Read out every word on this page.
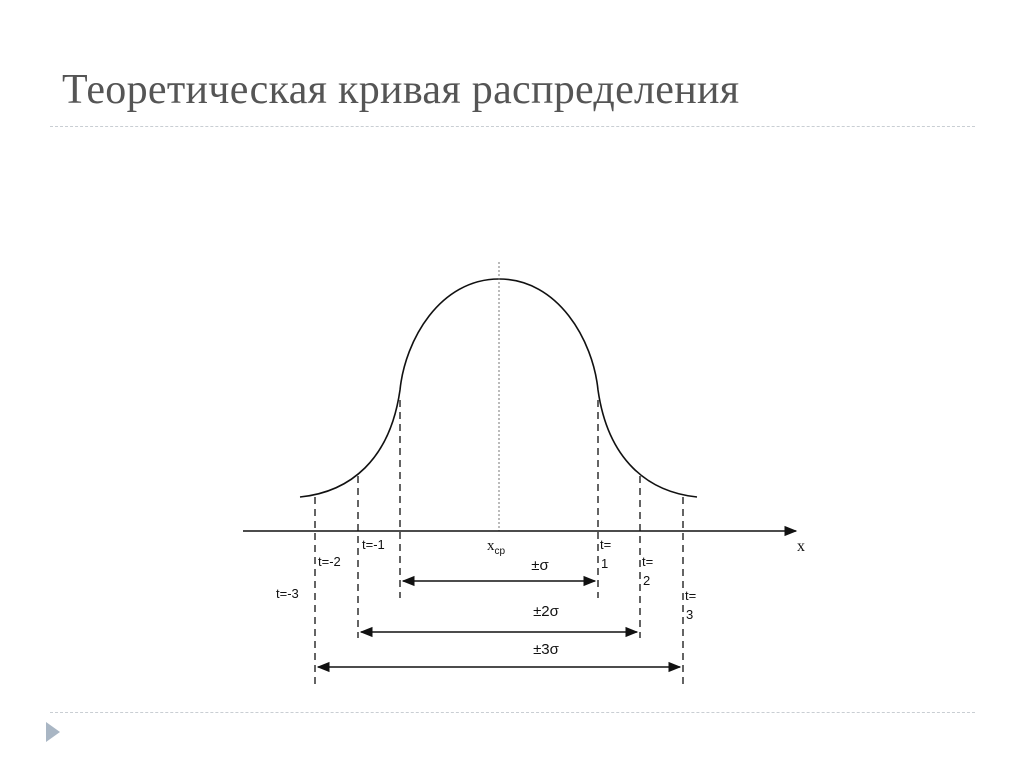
Теоретическая кривая распределения
x
±σ
±2σ
±3σ
$x_{ср}$
t=-1
t=-2
t=-3
t=
1	t=
2
t=
3
